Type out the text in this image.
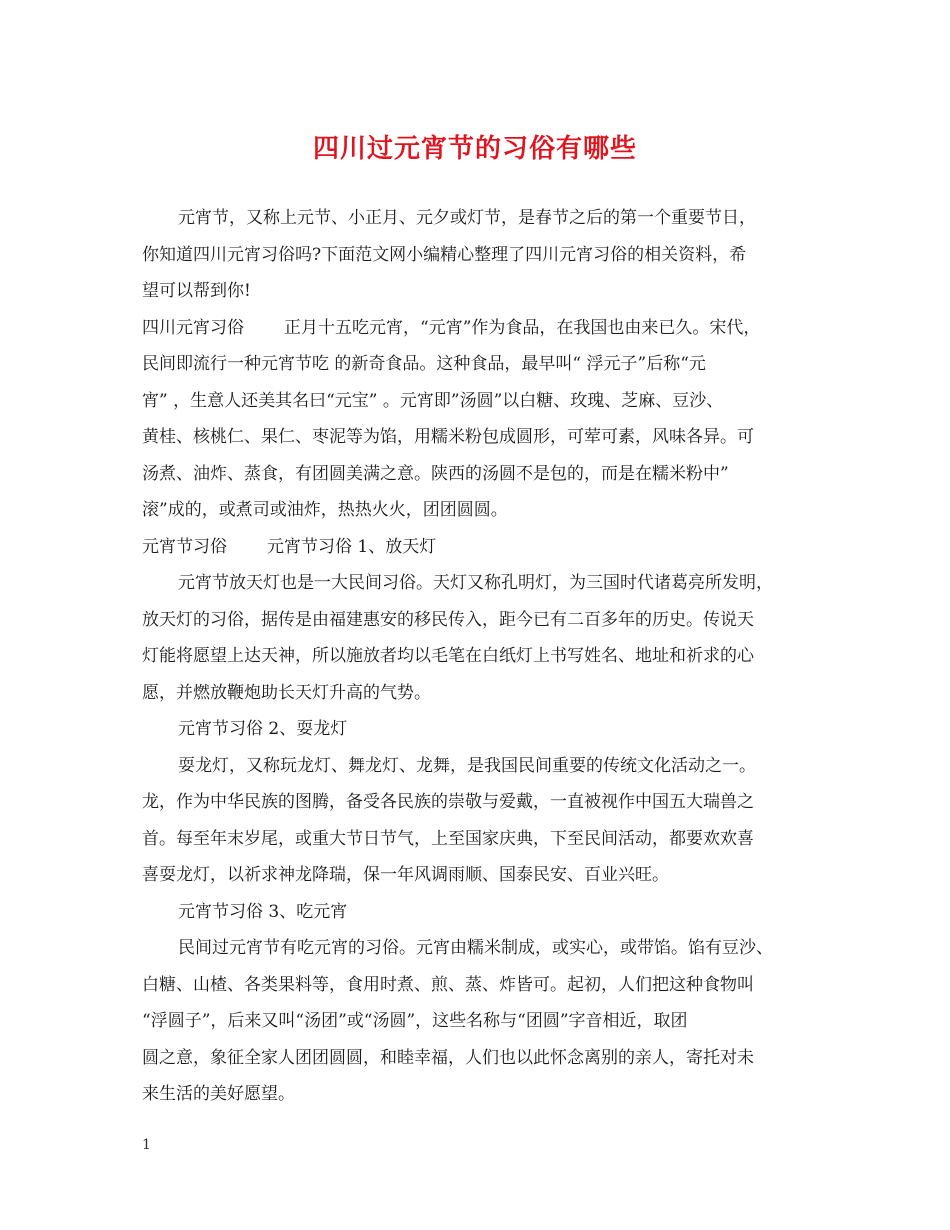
四川过元宵节的习俗有哪些
元宵节，又称上元节、小正月、元夕或灯节，是春节之后的第一个重要节日，
你知道四川元宵习俗吗?下面范文网小编精心整理了四川元宵习俗的相关资料，希
望可以帮到你!
四川元宵习俗 正月十五吃元宵，“元宵”作为食品，在我国也由来已久。宋代，
民间即流行一种元宵节吃 的新奇食品。这种食品，最早叫“ 浮元子”后称“元
宵” ，生意人还美其名曰“元宝” 。元宵即”汤圆”以白糖、玫瑰、芝麻、豆沙、
黄桂、核桃仁、果仁、枣泥等为馅，用糯米粉包成圆形，可荤可素，风味各异。可
汤煮、油炸、蒸食，有团圆美满之意。陕西的汤圆不是包的，而是在糯米粉中”
滚”成的，或煮司或油炸，热热火火，团团圆圆。
元宵节习俗 元宵节习俗 1、放天灯
元宵节放天灯也是一大民间习俗。天灯又称孔明灯，为三国时代诸葛亮所发明，
放天灯的习俗，据传是由福建惠安的移民传入，距今已有二百多年的历史。传说天
灯能将愿望上达天神，所以施放者均以毛笔在白纸灯上书写姓名、地址和祈求的心
愿，并燃放鞭炮助长天灯升高的气势。
元宵节习俗 2、耍龙灯
耍龙灯，又称玩龙灯、舞龙灯、龙舞，是我国民间重要的传统文化活动之一。
龙，作为中华民族的图腾，备受各民族的崇敬与爱戴，一直被视作中国五大瑞兽之
首。每至年末岁尾，或重大节日节气，上至国家庆典，下至民间活动，都要欢欢喜
喜耍龙灯，以祈求神龙降瑞，保一年风调雨顺、国泰民安、百业兴旺。
元宵节习俗 3、吃元宵
民间过元宵节有吃元宵的习俗。元宵由糯米制成，或实心，或带馅。馅有豆沙、
白糖、山楂、各类果料等，食用时煮、煎、蒸、炸皆可。起初，人们把这种食物叫
“浮圆子”，后来又叫“汤团”或“汤圆”，这些名称与“团圆”字音相近，取团
圆之意，象征全家人团团圆圆，和睦幸福，人们也以此怀念离别的亲人，寄托对未
来生活的美好愿望。
1
